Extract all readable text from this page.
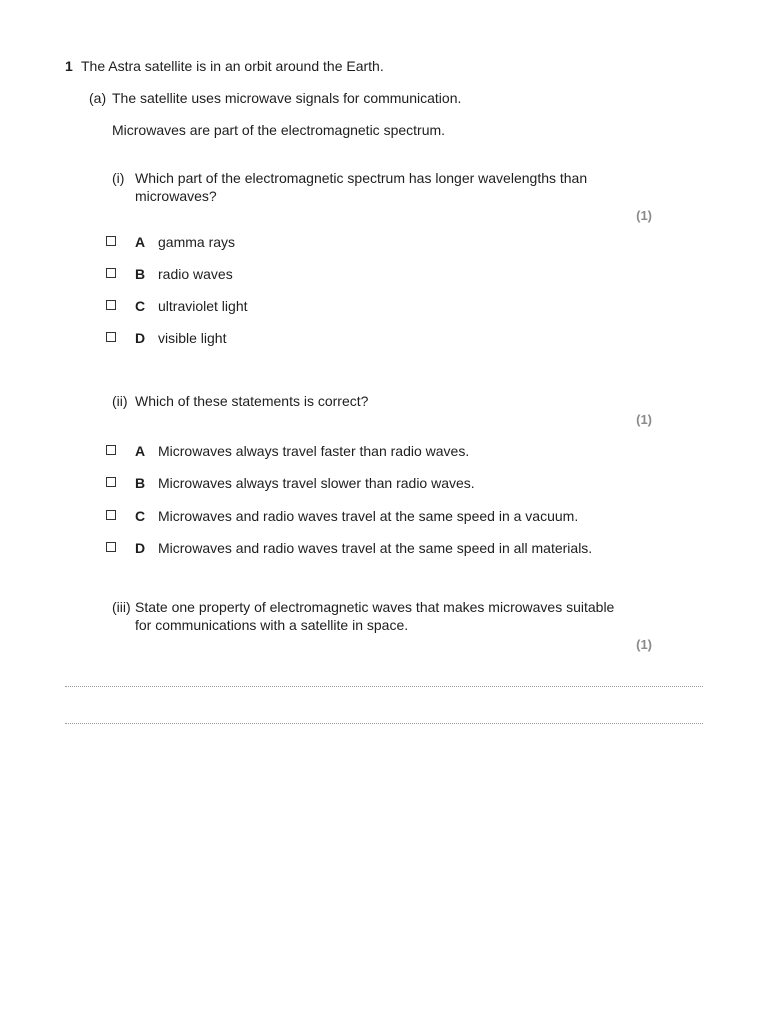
1 The Astra satellite is in an orbit around the Earth.
(a) The satellite uses microwave signals for communication.
Microwaves are part of the electromagnetic spectrum.
(i) Which part of the electromagnetic spectrum has longer wavelengths than microwaves?
(1)
A gamma rays
B radio waves
C ultraviolet light
D visible light
(ii) Which of these statements is correct?
(1)
A Microwaves always travel faster than radio waves.
B Microwaves always travel slower than radio waves.
C Microwaves and radio waves travel at the same speed in a vacuum.
D Microwaves and radio waves travel at the same speed in all materials.
(iii) State one property of electromagnetic waves that makes microwaves suitable for communications with a satellite in space.
(1)
